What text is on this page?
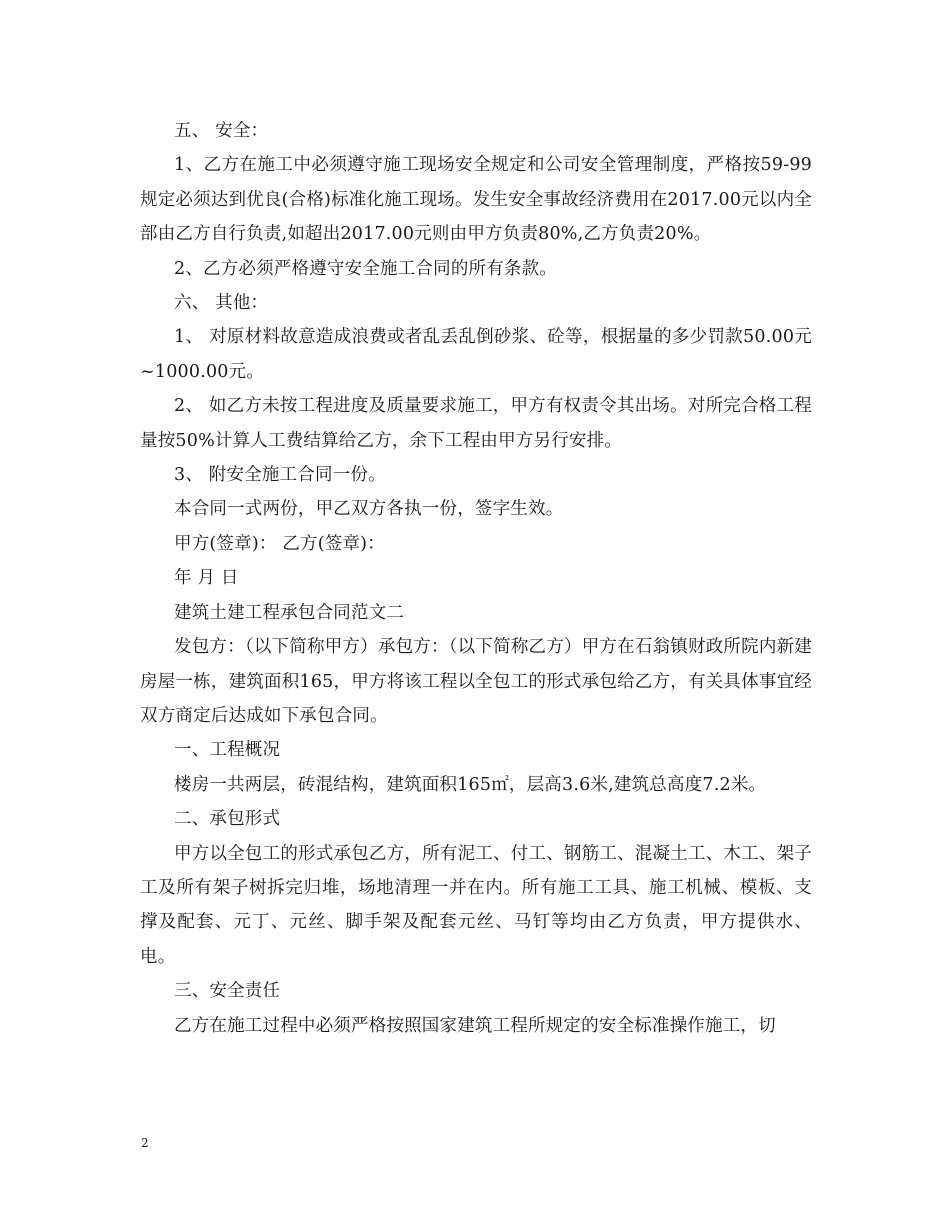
五、 安全：

1、乙方在施工中必须遵守施工现场安全规定和公司安全管理制度，严格按59-99规定必须达到优良(合格)标准化施工现场。发生安全事故经济费用在2017.00元以内全部由乙方自行负责,如超出2017.00元则由甲方负责80%,乙方负责20%。

2、乙方必须严格遵守安全施工合同的所有条款。

六、 其他：

1、 对原材料故意造成浪费或者乱丢乱倒砂浆、砼等，根据量的多少罚款50.00元~1000.00元。

2、 如乙方未按工程进度及质量要求施工，甲方有权责令其出场。对所完合格工程量按50%计算人工费结算给乙方，余下工程由甲方另行安排。

3、 附安全施工合同一份。

本合同一式两份，甲乙双方各执一份，签字生效。

甲方(签章)： 乙方(签章)：

年 月 日

建筑土建工程承包合同范文二

发包方：（以下简称甲方）承包方：（以下简称乙方）甲方在石翁镇财政所院内新建房屋一栋，建筑面积165，甲方将该工程以全包工的形式承包给乙方，有关具体事宜经双方商定后达成如下承包合同。

一、工程概况

楼房一共两层，砖混结构，建筑面积165㎡，层高3.6米,建筑总高度7.2米。

二、承包形式

甲方以全包工的形式承包乙方，所有泥工、付工、钢筋工、混凝土工、木工、架子工及所有架子树拆完归堆，场地清理一并在内。所有施工工具、施工机械、模板、支撑及配套、元丁、元丝、脚手架及配套元丝、马钉等均由乙方负责，甲方提供水、电。

三、安全责任

乙方在施工过程中必须严格按照国家建筑工程所规定的安全标准操作施工，切

2
